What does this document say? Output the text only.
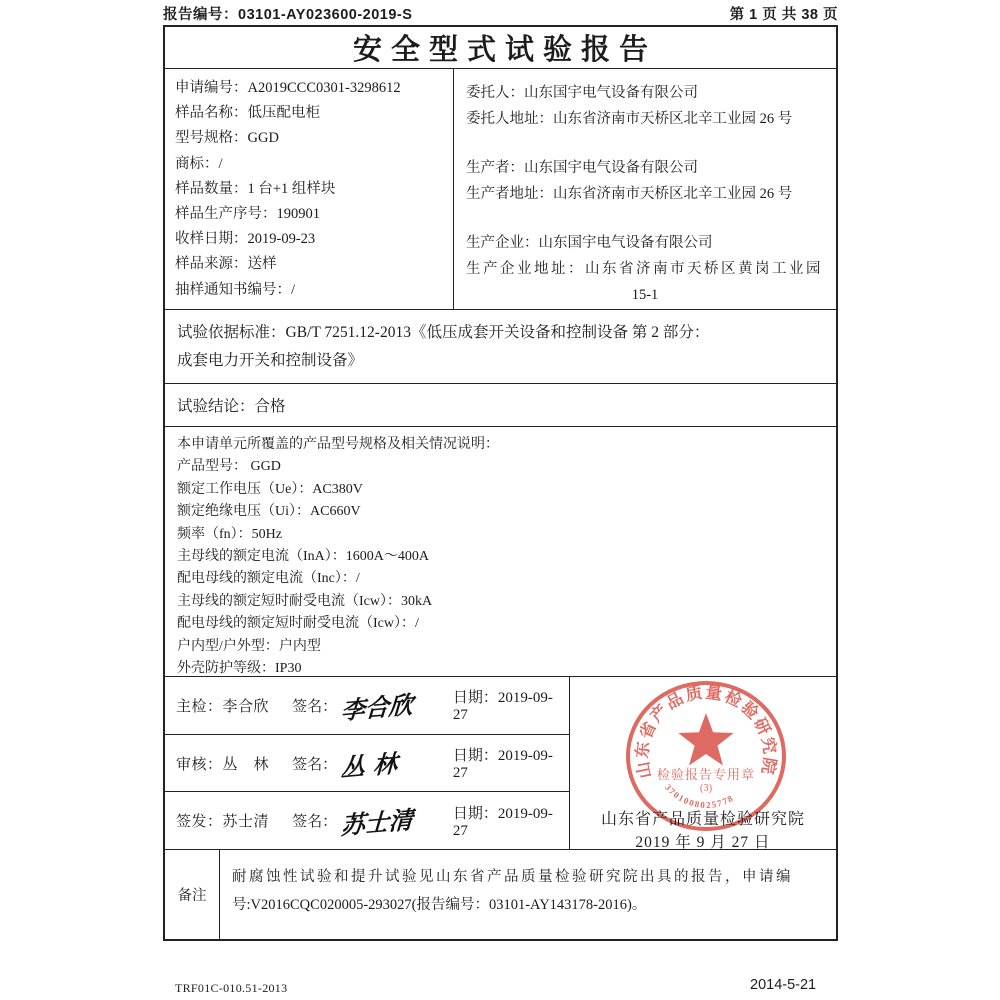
报告编号：03101-AY023600-2019-S	第 1 页 共 38 页
安全型式试验报告
申请编号：A2019CCC0301-3298612
样品名称：低压配电柜
型号规格：GGD
商标：/
样品数量：1 台+1 组样块
样品生产序号：190901
收样日期：2019-09-23
样品来源：送样
抽样通知书编号：/
委托人：山东国宇电气设备有限公司
委托人地址：山东省济南市天桥区北辛工业园 26 号
生产者：山东国宇电气设备有限公司
生产者地址：山东省济南市天桥区北辛工业园 26 号
生产企业：山东国宇电气设备有限公司
生产企业地址：山东省济南市天桥区黄岗工业园
15-1
试验依据标准：GB/T 7251.12-2013《低压成套开关设备和控制设备 第 2 部分：
成套电力开关和控制设备》
试验结论：合格
本申请单元所覆盖的产品型号规格及相关情况说明：
产品型号： GGD
额定工作电压（Ue）：AC380V
额定绝缘电压（Ui）：AC660V
频率（fn）：50Hz
主母线的额定电流（InA）：1600A～400A
配电母线的额定电流（Inc）：/
主母线的额定短时耐受电流（Icw）：30kA
配电母线的额定短时耐受电流（Icw）：/
户内型/户外型：户内型
外壳防护等级：IP30
主检：李合欣	签名： 李合欣	日期：2019-09-27
审核：丛　林	签名： 丛 林	日期：2019-09-27
签发：苏士清	签名： 苏士清	日期：2019-09-27
山东省产品质量检验研究院
检验报告专用章
(3)
3701008025778
山东省产品质量检验研究院
2019 年 9 月 27 日
备注
耐腐蚀性试验和提升试验见山东省产品质量检验研究院出具的报告，申请编
号:V2016CQC020005-293027(报告编号：03101-AY143178-2016)。
TRF01C-010.51-2013	2014-5-21
